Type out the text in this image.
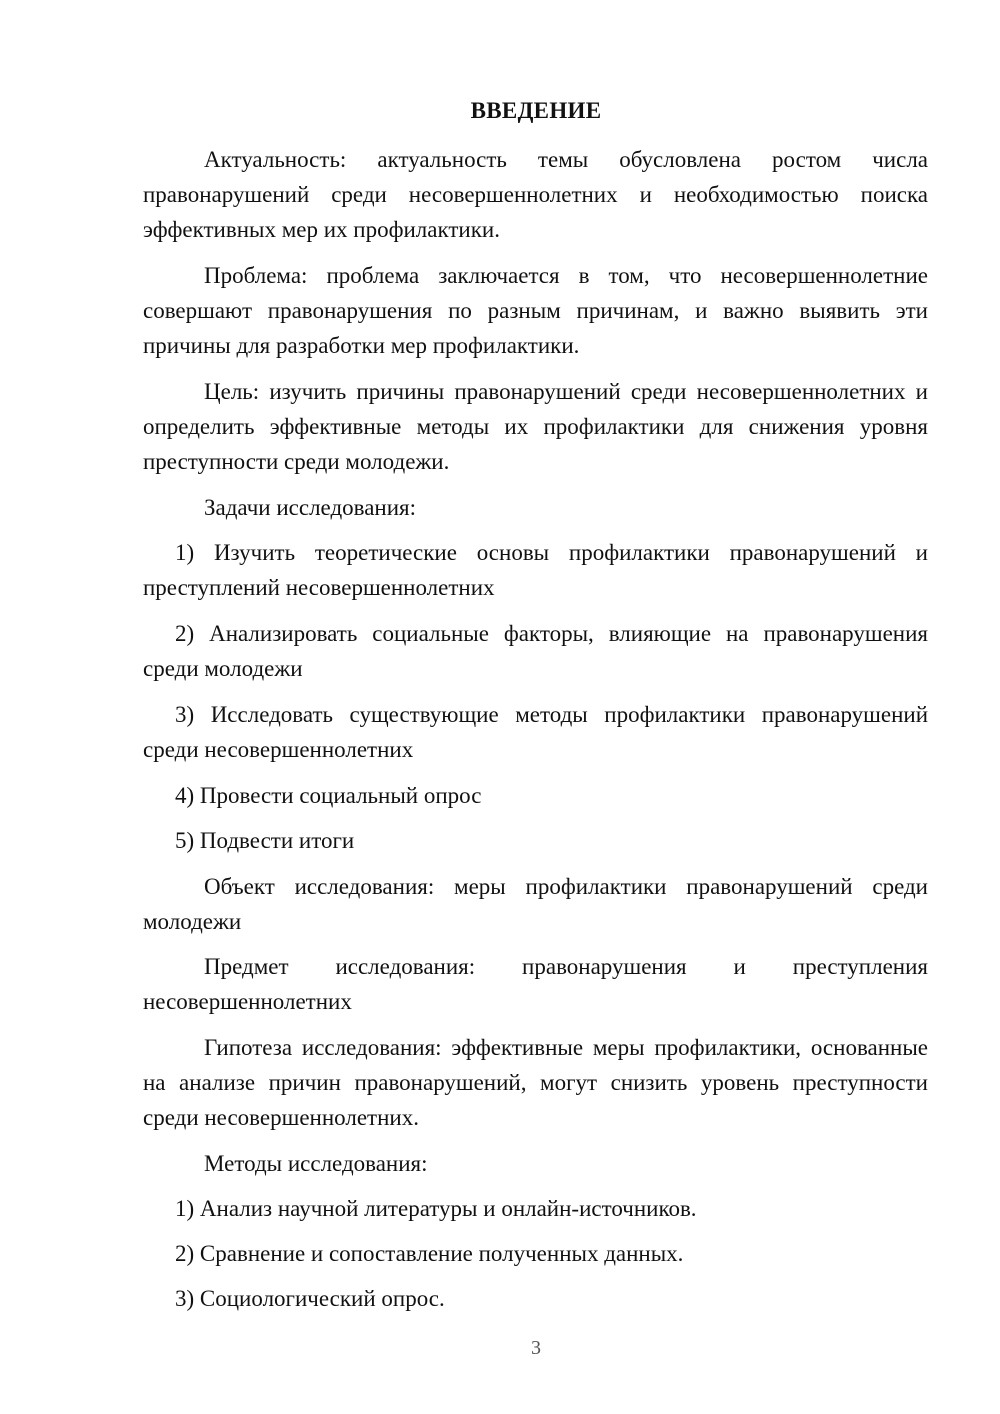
ВВЕДЕНИЕ
Актуальность: актуальность темы обусловлена ростом числа правонарушений среди несовершеннолетних и необходимостью поиска эффективных мер их профилактики.
Проблема: проблема заключается в том, что несовершеннолетние совершают правонарушения по разным причинам, и важно выявить эти причины для разработки мер профилактики.
Цель: изучить причины правонарушений среди несовершеннолетних и определить эффективные методы их профилактики для снижения уровня преступности среди молодежи.
Задачи исследования:
1) Изучить теоретические основы профилактики правонарушений и преступлений несовершеннолетних
2) Анализировать социальные факторы, влияющие на правонарушения среди молодежи
3) Исследовать существующие методы профилактики правонарушений среди несовершеннолетних
4) Провести социальный опрос
5) Подвести итоги
Объект исследования: меры профилактики правонарушений среди молодежи
Предмет исследования: правонарушения и преступления несовершеннолетних
Гипотеза исследования: эффективные меры профилактики, основанные на анализе причин правонарушений, могут снизить уровень преступности среди несовершеннолетних.
Методы исследования:
1) Анализ научной литературы и онлайн-источников.
2) Сравнение и сопоставление полученных данных.
3) Социологический опрос.
3
